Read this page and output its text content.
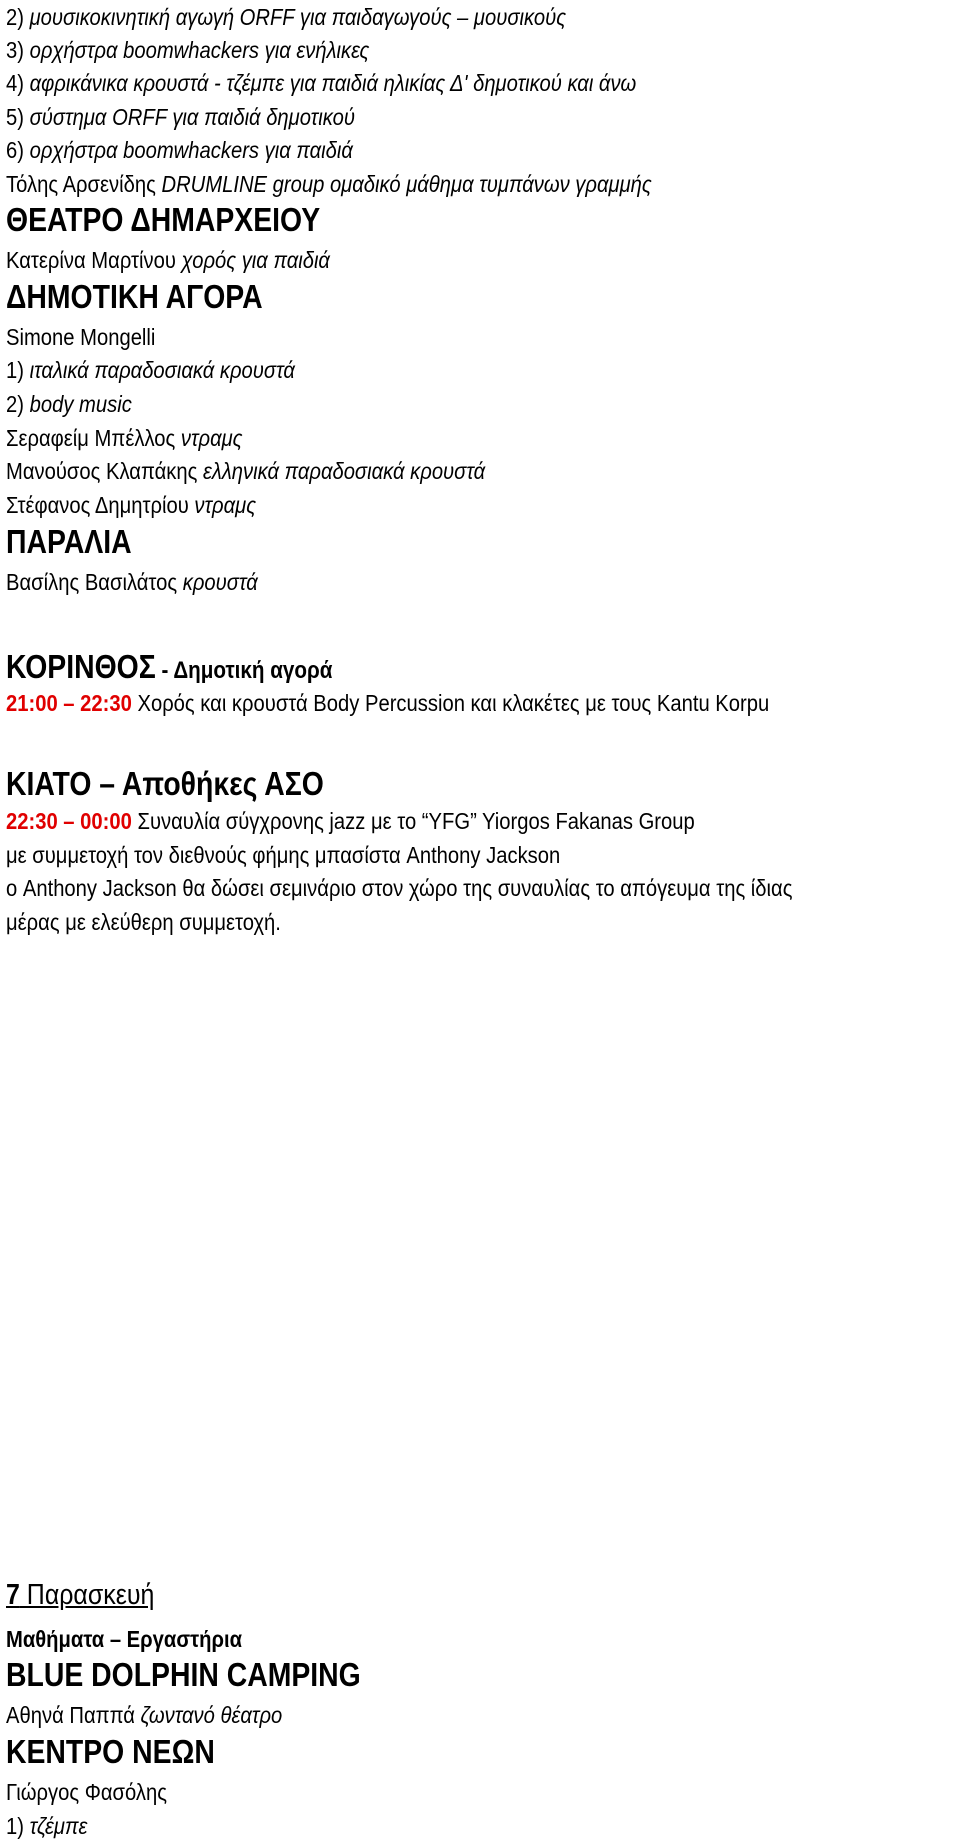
2) μουσικοκινητική αγωγή ORFF για παιδαγωγούς – μουσικούς
3) ορχήστρα boomwhackers για ενήλικες
4) αφρικάνικα κρουστά - τζέμπε για παιδιά ηλικίας Δ' δημοτικού και άνω
5) σύστημα ORFF για παιδιά δημοτικού
6) ορχήστρα boomwhackers για παιδιά
Τόλης Αρσενίδης DRUMLINE group ομαδικό μάθημα τυμπάνων γραμμής
ΘΕΑΤΡΟ ΔΗΜΑΡΧΕΙΟΥ
Κατερίνα Μαρτίνου χορός για παιδιά
ΔΗΜΟΤΙΚΗ ΑΓΟΡΑ
Simone Mongelli
1) ιταλικά παραδοσιακά κρουστά
2) body music
Σεραφείμ Μπέλλος ντραμς
Μανούσος Κλαπάκης ελληνικά παραδοσιακά κρουστά
Στέφανος Δημητρίου ντραμς
ΠΑΡΑΛΙΑ
Βασίλης Βασιλάτος κρουστά
ΚΟΡΙΝΘΟΣ - Δημοτική αγορά
21:00 – 22:30 Χορός και κρουστά Body Percussion και κλακέτες με τους Kantu Korpu
ΚΙΑΤΟ – Αποθήκες ΑΣΟ
22:30 – 00:00 Συναυλία σύγχρονης jazz με το “YFG” Yiorgos Fakanas Group
με συμμετοχή τον διεθνούς φήμης μπασίστα Anthony Jackson
ο Anthony Jackson θα δώσει σεμινάριο στον χώρο της συναυλίας το απόγευμα της ίδιας
μέρας με ελεύθερη συμμετοχή.
7 Παρασκευή
Μαθήματα – Εργαστήρια
BLUE DOLPHIN CAMPING
Αθηνά Παππά ζωντανό θέατρο
ΚΕΝΤΡΟ ΝΕΩΝ
Γιώργος Φασόλης
1) τζέμπε
